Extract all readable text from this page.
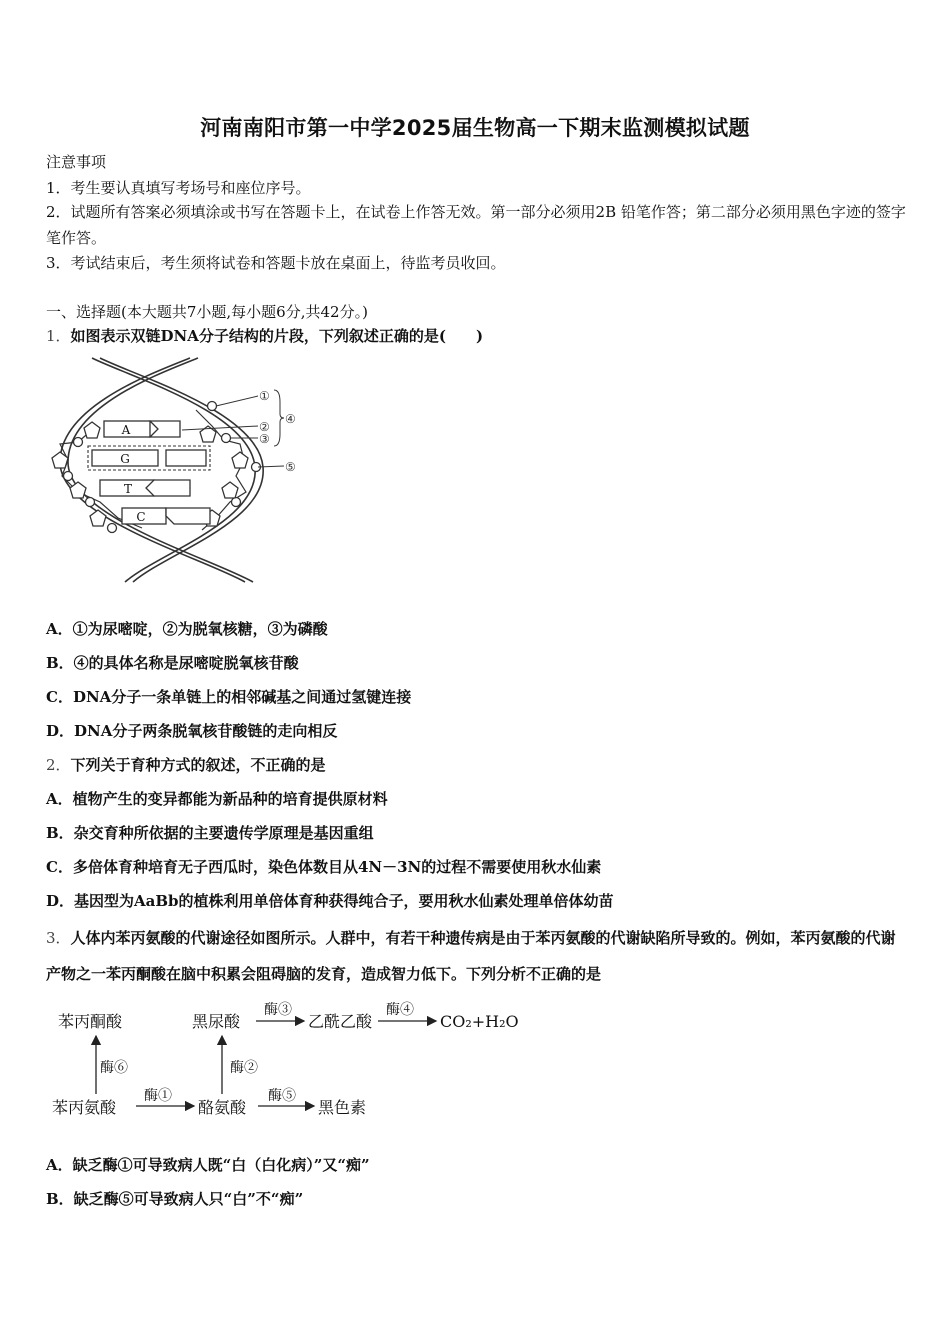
河南南阳市第一中学2025届生物高一下期末监测模拟试题
注意事项
1．考生要认真填写考场号和座位序号。
2．试题所有答案必须填涂或书写在答题卡上，在试卷上作答无效。第一部分必须用2B 铅笔作答；第二部分必须用黑色字迹的签字笔作答。
3．考试结束后，考生须将试卷和答题卡放在桌面上，待监考员收回。
一、选择题(本大题共7小题,每小题6分,共42分。)
1．如图表示双链DNA分子结构的片段，下列叙述正确的是(　　)
A
G
T
C
①
②
③
④
⑤
A．①为尿嘧啶，②为脱氧核糖，③为磷酸
B．④的具体名称是尿嘧啶脱氧核苷酸
C．DNA分子一条单链上的相邻碱基之间通过氢键连接
D．DNA分子两条脱氧核苷酸链的走向相反
2．下列关于育种方式的叙述，不正确的是
A．植物产生的变异都能为新品种的培育提供原材料
B．杂交育种所依据的主要遗传学原理是基因重组
C．多倍体育种培育无子西瓜时，染色体数目从4N－3N的过程不需要使用秋水仙素
D．基因型为AaBb的植株利用单倍体育种获得纯合子，要用秋水仙素处理单倍体幼苗
3．人体内苯丙氨酸的代谢途径如图所示。人群中，有若干种遗传病是由于苯丙氨酸的代谢缺陷所导致的。例如，苯丙氨酸的代谢产物之一苯丙酮酸在脑中积累会阻碍脑的发育，造成智力低下。下列分析不正确的是
苯丙酮酸	黑尿酸	乙酰乙酸	CO₂+H₂O
苯丙氨酸	酪氨酸	黑色素
酶③	酶④
酶⑥	酶②
酶①	酶⑤
A．缺乏酶①可导致病人既“白（白化病）”又“痴”
B．缺乏酶⑤可导致病人只“白”不“痴”
